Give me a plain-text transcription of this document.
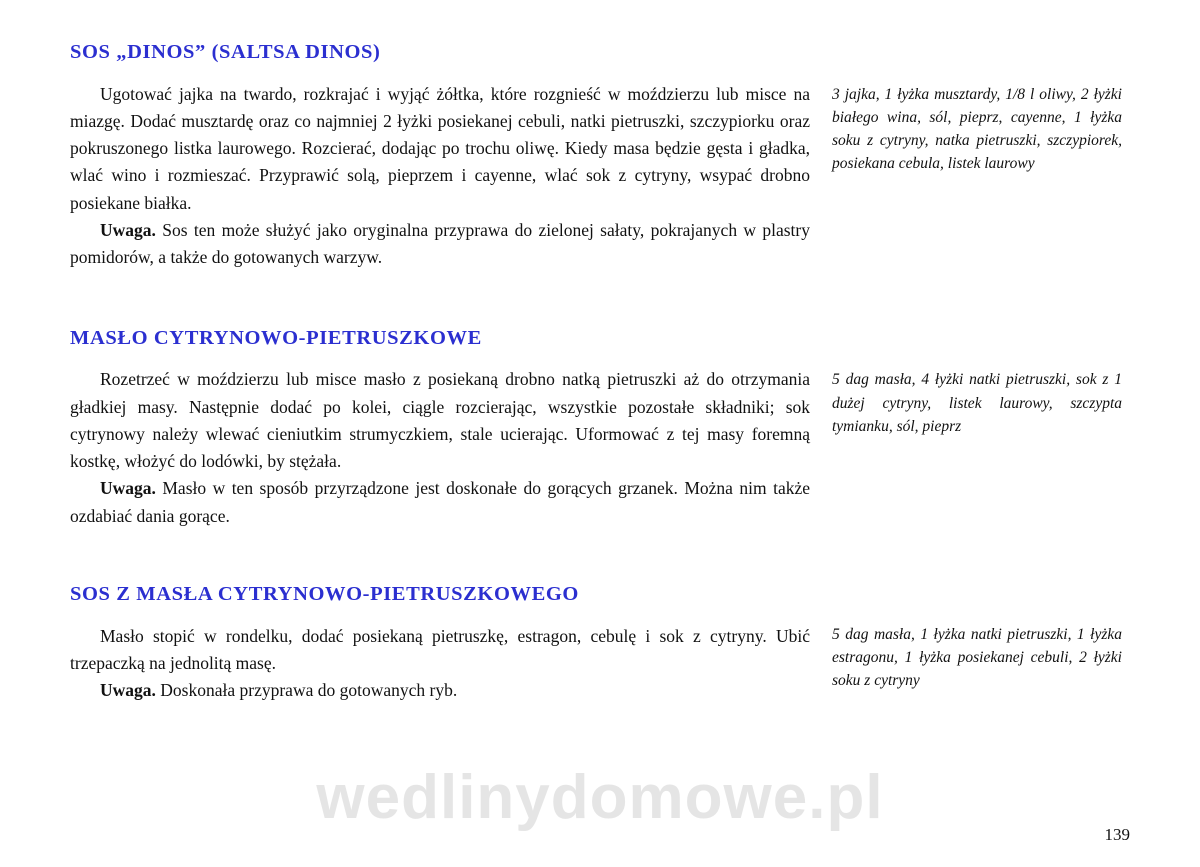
SOS „DINOS” (SALTSA DINOS)

Ugotować jajka na twardo, rozkrajać i wyjąć żółtka, które rozgnieść w moździerzu lub misce na miazgę. Dodać musztardę oraz co najmniej 2 łyżki posiekanej cebuli, natki pietruszki, szczypiorku oraz pokruszonego listka laurowego. Rozcierać, dodając po trochu oliwę. Kiedy masa będzie gęsta i gładka, wlać wino i rozmieszać. Przyprawić solą, pieprzem i cayenne, wlać sok z cytryny, wsypać drobno posiekane białka.

Uwaga. Sos ten może służyć jako oryginalna przyprawa do zielonej sałaty, pokrajanych w plastry pomidorów, a także do gotowanych warzyw.

3 jajka, 1 łyżka musztardy, 1/8 l oliwy, 2 łyżki białego wina, sól, pieprz, cayenne, 1 łyżka soku z cytryny, natka pietruszki, szczypiorek, posiekana cebula, listek laurowy
MASŁO CYTRYNOWO-PIETRUSZKOWE

Rozetrzeć w moździerzu lub misce masło z posiekaną drobno natką pietruszki aż do otrzymania gładkiej masy. Następnie dodać po kolei, ciągle rozcierając, wszystkie pozostałe składniki; sok cytrynowy należy wlewać cieniutkim strumyczkiem, stale ucierając. Uformować z tej masy foremną kostkę, włożyć do lodówki, by stężała.

Uwaga. Masło w ten sposób przyrządzone jest doskonałe do gorących grzanek. Można nim także ozdabiać dania gorące.

5 dag masła, 4 łyżki natki pietruszki, sok z 1 dużej cytryny, listek laurowy, szczypta tymianku, sól, pieprz
SOS Z MASŁA CYTRYNOWO-PIETRUSZKOWEGO

Masło stopić w rondelku, dodać posiekaną pietruszkę, estragon, cebulę i sok z cytryny. Ubić trzepaczką na jednolitą masę.

Uwaga. Doskonała przyprawa do gotowanych ryb.

5 dag masła, 1 łyżka natki pietruszki, 1 łyżka estragonu, 1 łyżka posiekanej cebuli, 2 łyżki soku z cytryny
wedlinydomowe.pl
139
